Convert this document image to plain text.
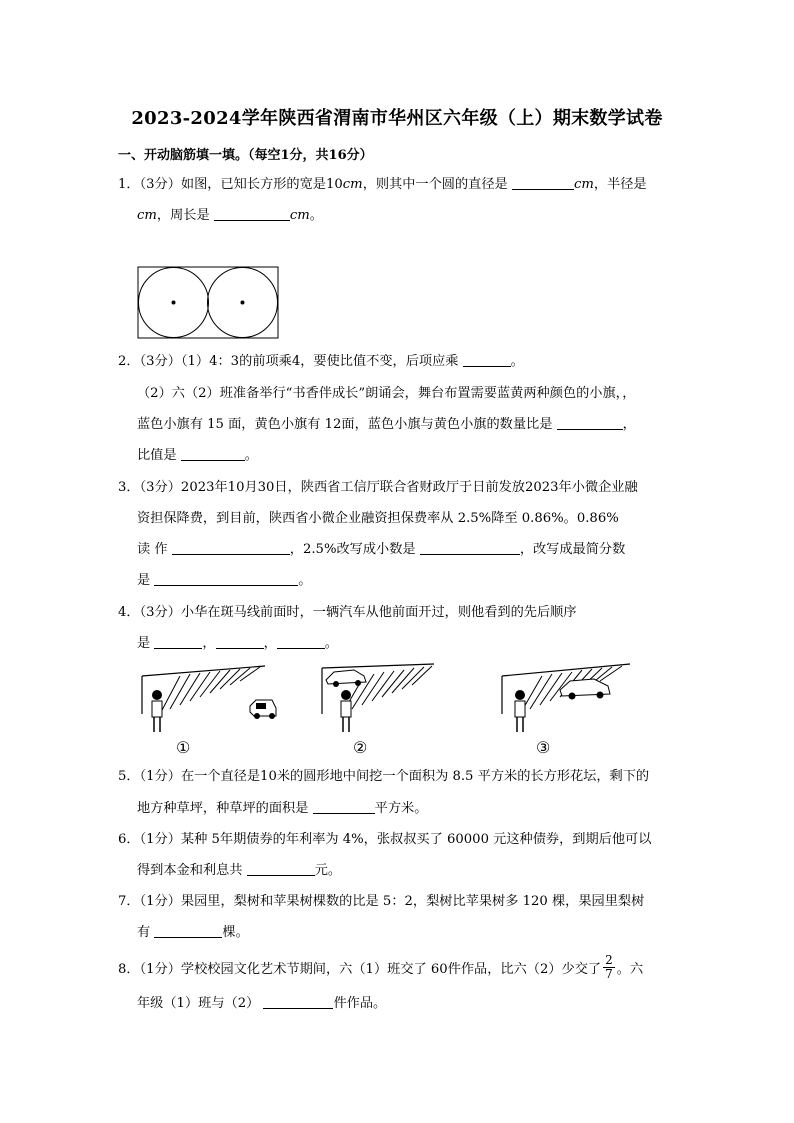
2023-2024学年陕西省渭南市华州区六年级（上）期末数学试卷
一、开动脑筋填一填。（每空1分，共16分）
1．（3分）如图，已知长方形的宽是10cm，则其中一个圆的直径是	cm，半径是
cm，周长是	cm。
2．（3分）（1）4：3的前项乘4，要使比值不变，后项应乘	。
（2）六（2）班准备举行“书香伴成长”朗诵会，舞台布置需要蓝黄两种颜色的小旗，，
蓝色小旗有 15 面，黄色小旗有 12面，蓝色小旗与黄色小旗的数量比是	，
比值是	。
3．（3分）2023年10月30日，陕西省工信厅联合省财政厅于日前发放2023年小微企业融
资担保降费，到目前，陕西省小微企业融资担保费率从 2.5%降至 0.86%。0.86%
读 作	，2.5%改写成小数是	，改写成最简分数
是	。
4．（3分）小华在斑马线前面时，一辆汽车从他前面开过，则他看到的先后顺序
是	，	，	。
①	②	③
5．（1分）在一个直径是10米的圆形地中间挖一个面积为 8.5 平方米的长方形花坛，剩下的
地方种草坪，种草坪的面积是	平方米。
6．（1分）某种 5年期债券的年利率为 4%，张叔叔买了 60000 元这种债券，到期后他可以
得到本金和利息共	元。
7．（1分）果园里，梨树和苹果树棵数的比是 5：2，梨树比苹果树多 120 棵，果园里梨树
有	棵。
8．（1分）学校校园文化艺术节期间，六（1）班交了 60件作品，比六（2）少交了 $\frac{2}{7}$ 。六
年级（1）班与（2）	件作品。
